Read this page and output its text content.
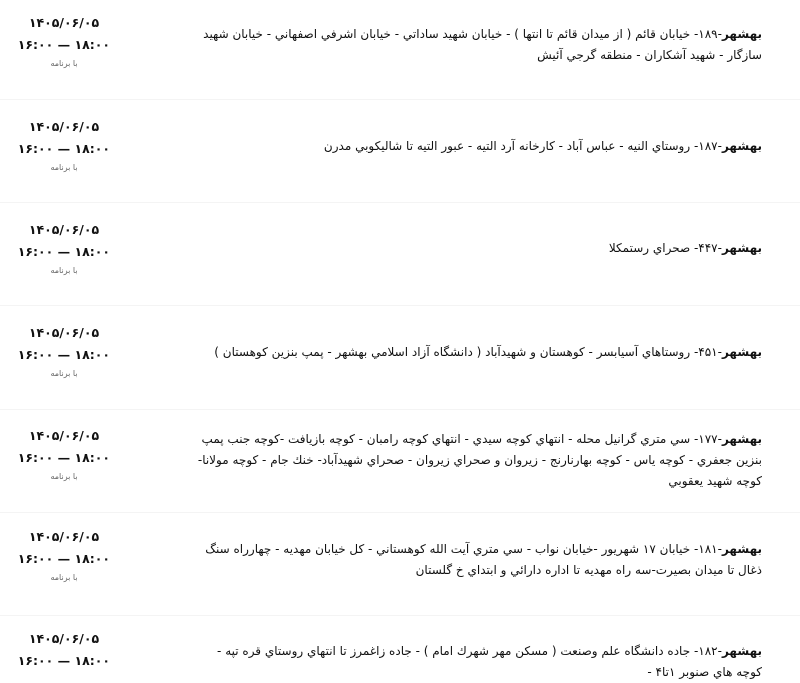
۱۴۰۵/۰۶/۰۵
۱۸:۰۰ — ۱۶:۰۰
با برنامه
بهشهر-۱۸۹- خيابان قائم ( از ميدان قائم تا انتها ) - خيابان شهيد ساداتي - خيابان اشرفي اصفهاني - خيابان شهيد سازگار - شهيد آشكاران - منطقه گرجي آئيش
۱۴۰۵/۰۶/۰۵
۱۸:۰۰ — ۱۶:۰۰
با برنامه
بهشهر-۱۸۷- روستاي النيه - عباس آباد - كارخانه آرد التيه - عبور التيه تا شاليكوبي مدرن
۱۴۰۵/۰۶/۰۵
۱۸:۰۰ — ۱۶:۰۰
با برنامه
بهشهر-۴۴۷- صحراي رستمكلا
۱۴۰۵/۰۶/۰۵
۱۸:۰۰ — ۱۶:۰۰
با برنامه
بهشهر-۴۵۱- روستاهاي آسيابسر - كوهستان و شهيدآباد ( دانشگاه آزاد اسلامي بهشهر - پمپ بنزين كوهستان )
۱۴۰۵/۰۶/۰۵
۱۸:۰۰ — ۱۶:۰۰
با برنامه
بهشهر-۱۷۷- سي متري گرانيل محله - انتهاي كوچه سيدي - انتهاي كوچه رامبان - كوچه بازيافت -كوچه جنب پمپ بنزين جعفري - كوچه ياس - كوچه بهارنارنج - زيروان و صحراي زيروان - صحراي شهيدآباد- خنك جام - كوچه مولانا- كوچه شهيد يعقوبي
۱۴۰۵/۰۶/۰۵
۱۸:۰۰ — ۱۶:۰۰
با برنامه
بهشهر-۱۸۱- خيابان ۱۷ شهريور -خيابان نواب - سي متري آيت الله كوهستاني - كل خيابان مهديه - چهارراه سنگ ذغال تا ميدان بصيرت-سه راه مهديه تا اداره دارائي و ابتداي خ گلستان
۱۴۰۵/۰۶/۰۵
۱۸:۰۰ — ۱۶:۰۰
بهشهر-۱۸۲- جاده دانشگاه علم وصنعت ( مسكن مهر شهرك امام ) - جاده زاغمرز تا انتهاي روستاي قره تپه - كوچه هاي صنوبر ۱تا۴ -
